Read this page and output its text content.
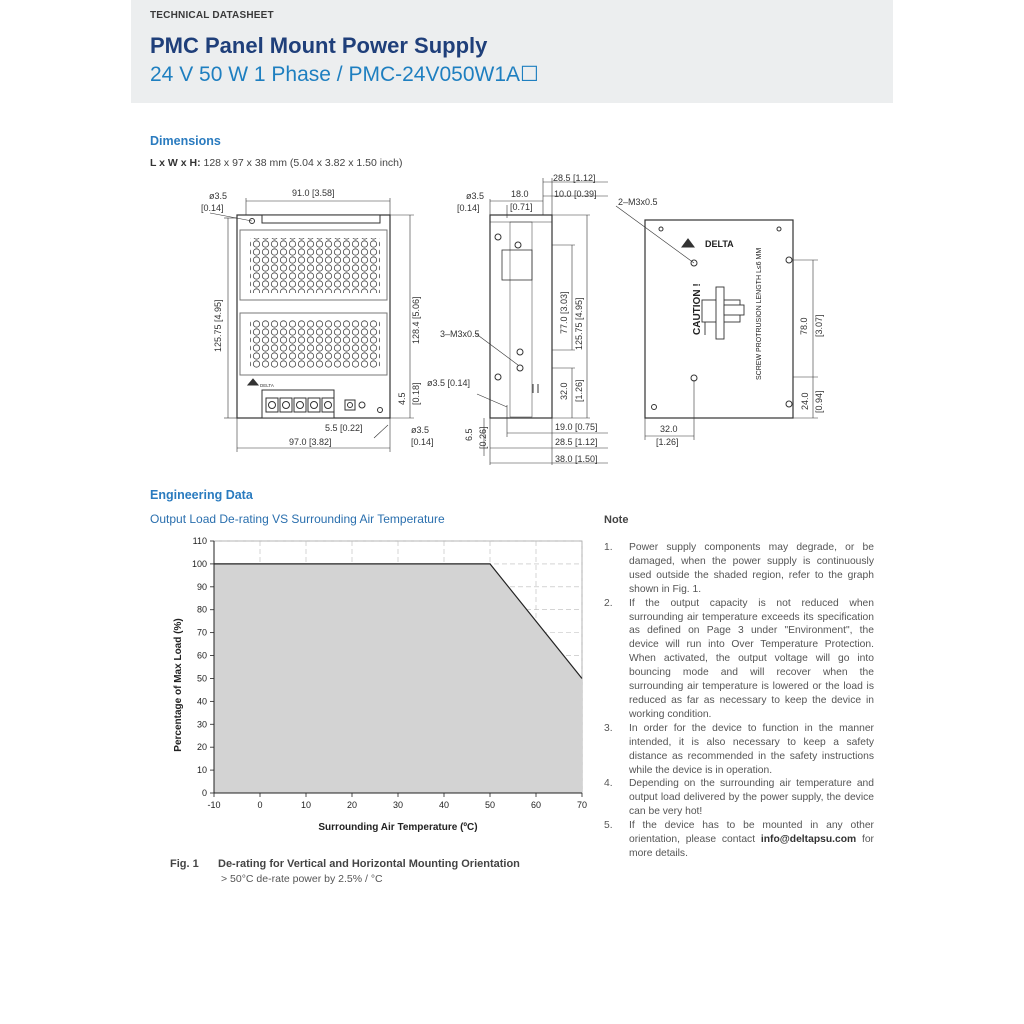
TECHNICAL DATASHEET
PMC Panel Mount Power Supply
24 V 50 W 1 Phase / PMC-24V050W1A☐
Dimensions
L x W x H: 128 x 97 x 38 mm (5.04 x 3.82 x 1.50 inch)
ø3.5
[0.14]
91.0 [3.58]
125.75 [4.95]	128.4 [5.06]
4.5 [0.18]
5.5 [0.22]
97.0 [3.82]
ø3.5
[0.14]
DELTA
ø3.5
[0.14]
18.0
[0.71]
10.0 [0.39]
28.5 [1.12]
3–M3x0.5	77.0 [3.03] 125.75 [4.95]
32.0 [1.26]
ø3.5 [0.14]
6.5 [0.26]	19.0 [0.75]
28.5 [1.12]
38.0 [1.50]
2–M3x0.5
DELTA
CAUTION !	SCREW PROTRUSION LENGTH L≤6 MM	78.0 [3.07]
24.0 [0.94]
32.0
[1.26]
Engineering Data
Output Load De-rating VS Surrounding Air Temperature
-10	0	10	20	30	40	50	60	70
0
10
20
30
40
50
60
70
80
90
100
110
Surrounding Air Temperature (ºC)
Percentage of Max Load (%)
Fig. 1 De-rating for Vertical and Horizontal Mounting Orientation
> 50°C de-rate power by 2.5% / °C
Note
1. Power supply components may degrade, or be damaged, when the power supply is continuously used outside the shaded region, refer to the graph shown in Fig. 1.
2. If the output capacity is not reduced when surrounding air temperature exceeds its specification as defined on Page 3 under "Environment", the device will run into Over Temperature Protection. When activated, the output voltage will go into bouncing mode and will recover when the surrounding air temperature is lowered or the load is reduced as far as necessary to keep the device in working condition.
3. In order for the device to function in the manner intended, it is also necessary to keep a safety distance as recommended in the safety instructions while the device is in operation.
4. Depending on the surrounding air temperature and output load delivered by the power supply, the device can be very hot!
5. If the device has to be mounted in any other orientation, please contact info@deltapsu.com for more details.
